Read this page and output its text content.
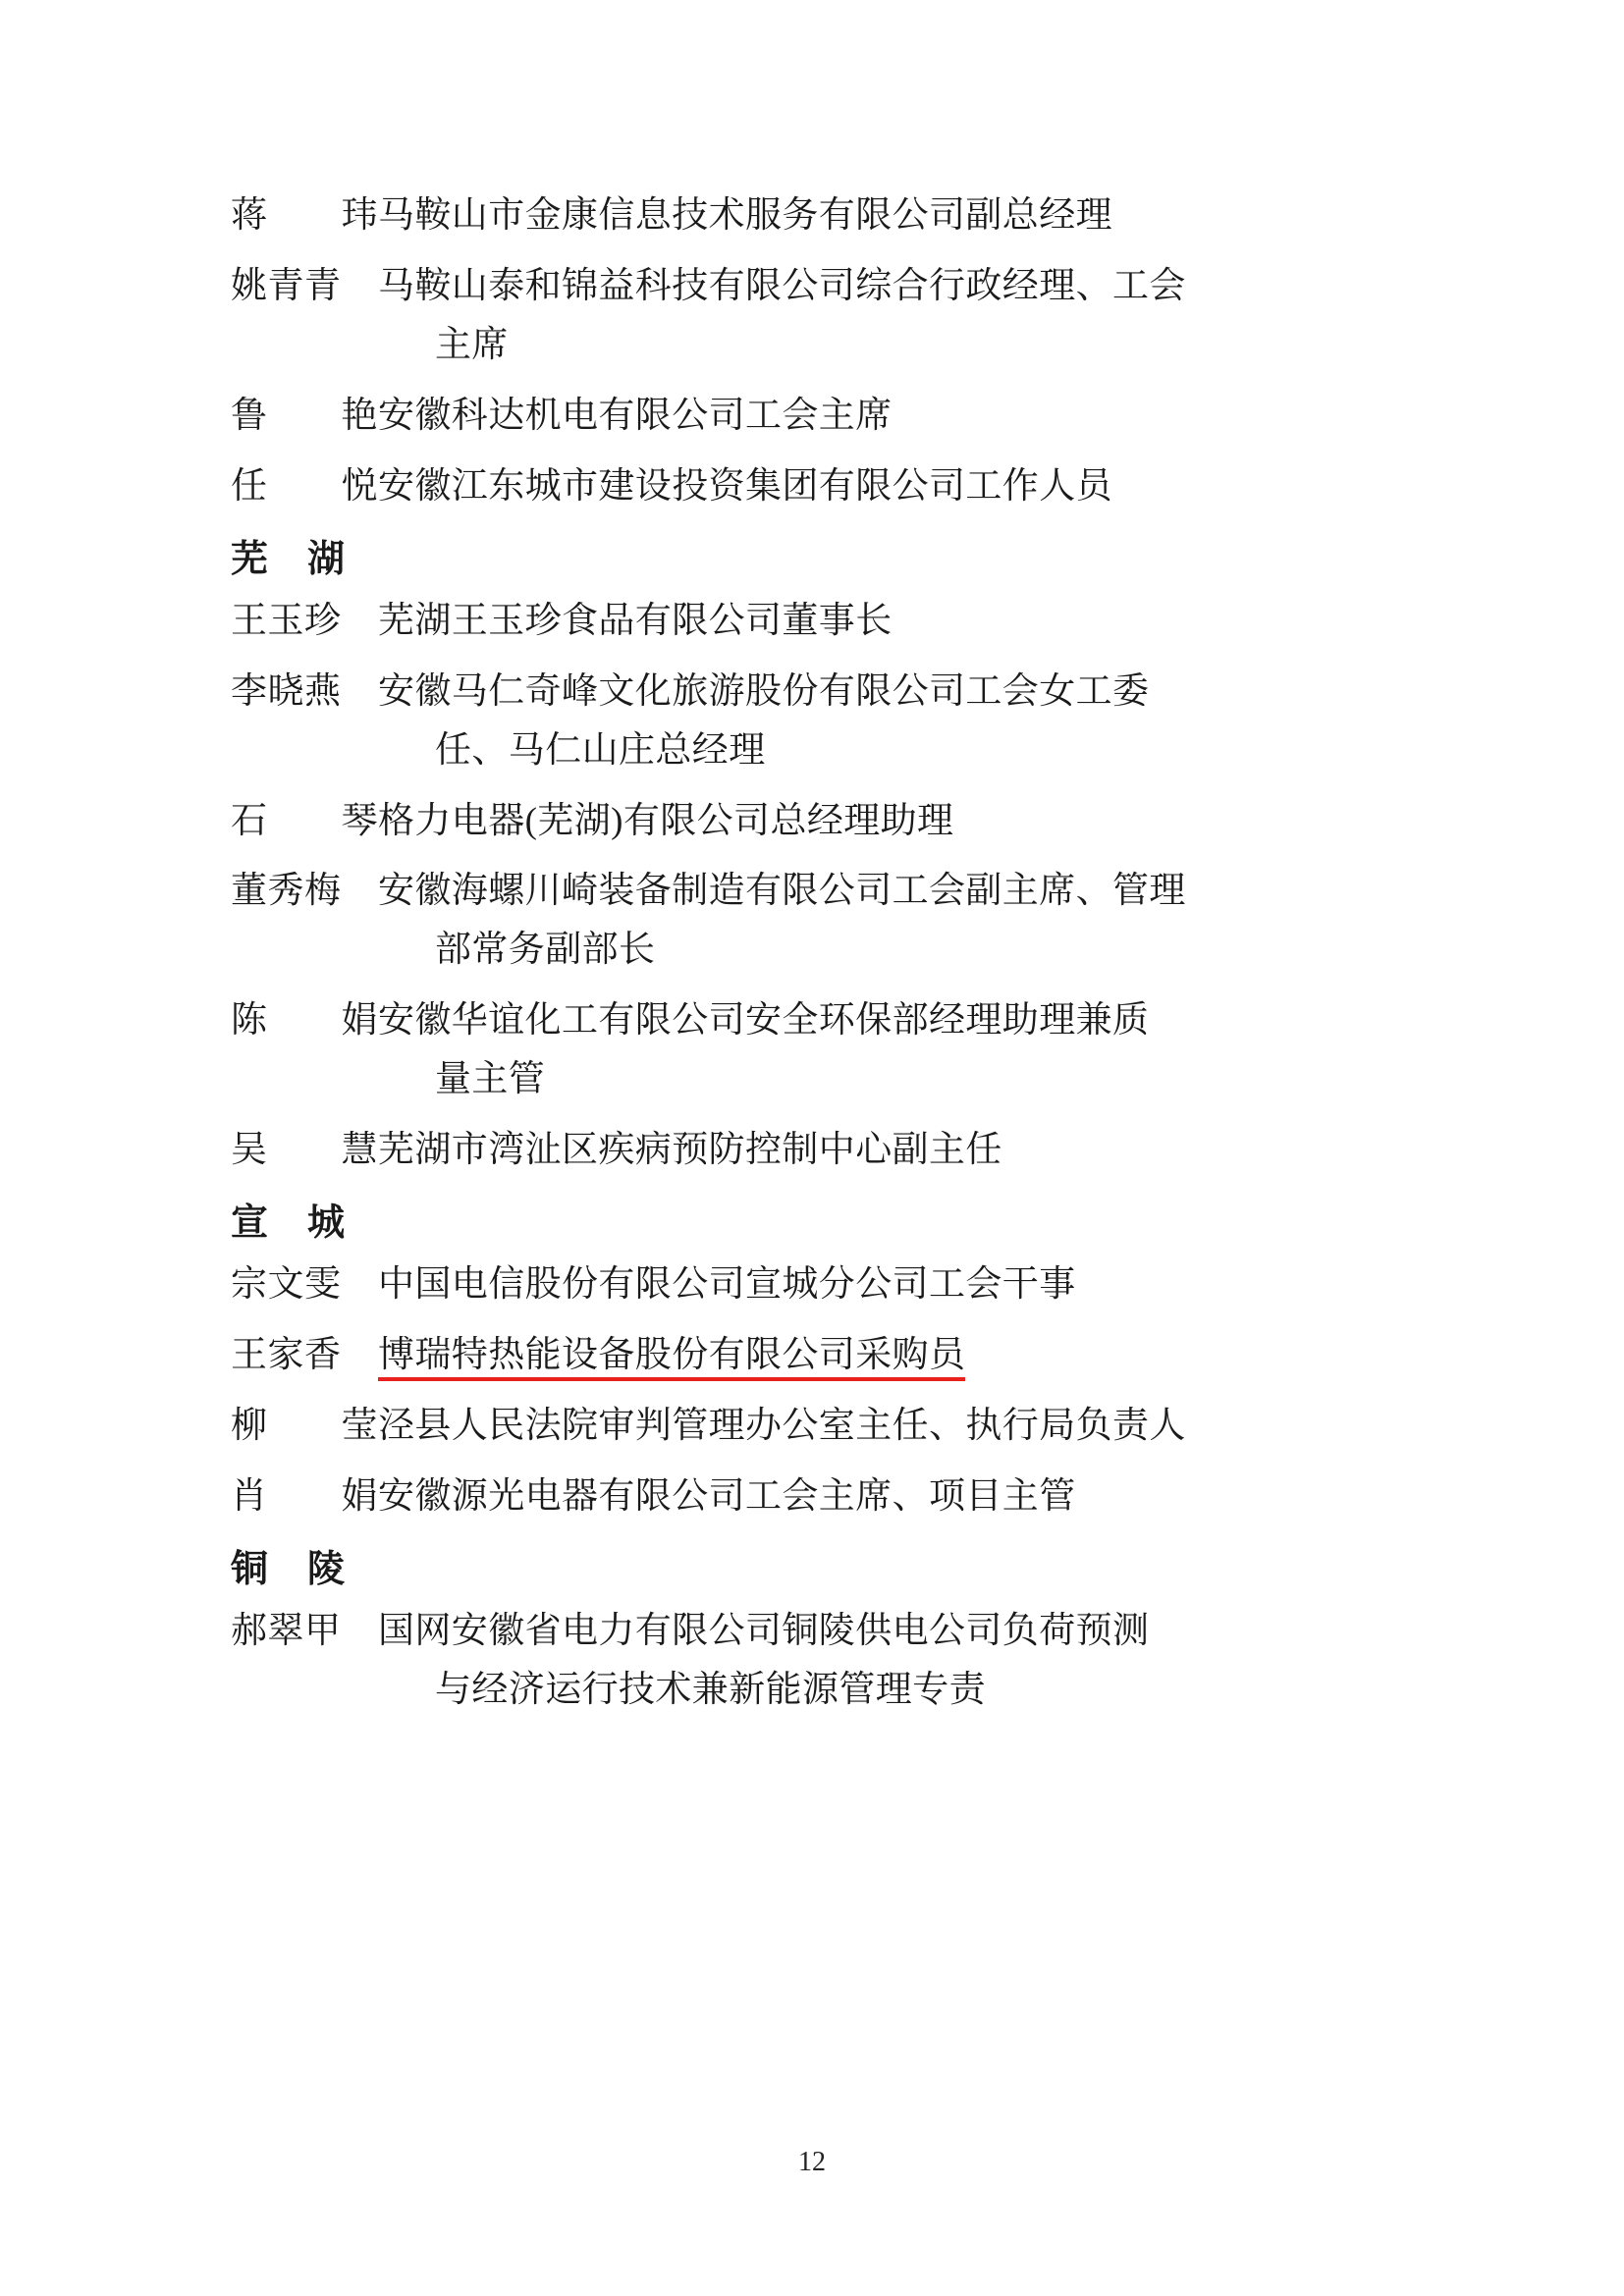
蒋　　玮 马鞍山市金康信息技术服务有限公司副总经理
姚青青	马鞍山泰和锦益科技有限公司综合行政经理、工会
主席
鲁　　艳 安徽科达机电有限公司工会主席
任　　悦 安徽江东城市建设投资集团有限公司工作人员
芜　湖
王玉珍	芜湖王玉珍食品有限公司董事长
李晓燕	安徽马仁奇峰文化旅游股份有限公司工会女工委
任、马仁山庄总经理
石　　琴 格力电器(芜湖)有限公司总经理助理
董秀梅	安徽海螺川崎装备制造有限公司工会副主席、管理
部常务副部长
陈　　娟 安徽华谊化工有限公司安全环保部经理助理兼质
量主管
吴　　慧 芜湖市湾沚区疾病预防控制中心副主任
宣　城
宗文雯	中国电信股份有限公司宣城分公司工会干事
王家香	博瑞特热能设备股份有限公司采购员
柳　　莹 泾县人民法院审判管理办公室主任、执行局负责人
肖　　娟 安徽源光电器有限公司工会主席、项目主管
铜　陵
郝翠甲	国网安徽省电力有限公司铜陵供电公司负荷预测
与经济运行技术兼新能源管理专责
12
